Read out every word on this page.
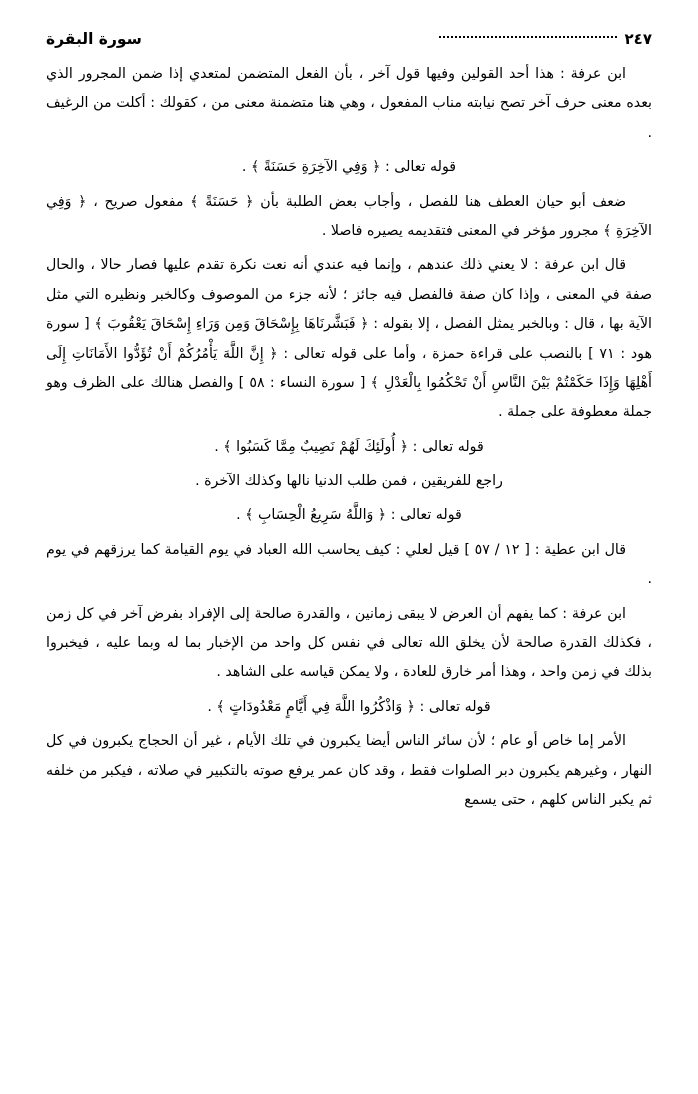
٢٤٧
سورة البقرة

ابن عرفة : هذا أحد القولين وفيها قول آخر ، بأن الفعل المتضمن لمتعدي إذا ضمن المجرور الذي بعده معنى حرف آخر تصح نيابته مناب المفعول ، وهي هنا متضمنة معنى من ، كقولك : أكلت من الرغيف .

قوله تعالى : ﴿ وَفِي الآخِرَةِ حَسَنَةً ﴾ .

ضعف أبو حيان العطف هنا للفصل ، وأجاب بعض الطلبة بأن ﴿ حَسَنَةً ﴾ مفعول صريح ، ﴿ وَفِي الآخِرَةِ ﴾ مجرور مؤخر في المعنى فتقديمه يصيره فاصلا .

قال ابن عرفة : لا يعني ذلك عندهم ، وإنما فيه عندي أنه نعت نكرة تقدم عليها فصار حالا ، والحال صفة في المعنى ، وإذا كان صفة فالفصل فيه جائز ؛ لأنه جزء من الموصوف وكالخبر ونظيره التي مثل الآية بها ، قال : وبالخبر يمثل الفصل ، إلا بقوله : ﴿ فَبَشَّرنَاهَا بِإِسْحَاقَ وَمِن وَرَاءِ إِسْحَاقَ يَعْقُوبَ ﴾ [ سورة هود : ٧١ ] بالنصب على قراءة حمزة ، وأما على قوله تعالى : ﴿ إِنَّ اللَّهَ يَأْمُرُكُمْ أَنْ تُؤَدُّوا الأَمَانَاتِ إِلَى أَهْلِهَا وَإِذَا حَكَمْتُمْ بَيْنَ النَّاسِ أَنْ تَحْكُمُوا بِالْعَدْلِ ﴾ [ سورة النساء : ٥٨ ] والفصل هنالك على الظرف وهو جملة معطوفة على جملة .

قوله تعالى : ﴿ أُولَئِكَ لَهُمْ نَصِيبٌ مِمَّا كَسَبُوا ﴾ .

راجع للفريقين ، فمن طلب الدنيا نالها وكذلك الآخرة .

قوله تعالى : ﴿ وَاللَّهُ سَرِيعُ الْحِسَابِ ﴾ .

قال ابن عطية : [ ١٢ / ٥٧ ] قيل لعلي : كيف يحاسب الله العباد في يوم القيامة كما يرزقهم في يوم .

ابن عرفة : كما يفهم أن العرض لا يبقى زمانين ، والقدرة صالحة إلى الإفراد بفرض آخر في كل زمن ، فكذلك القدرة صالحة لأن يخلق الله تعالى في نفس كل واحد من الإخبار بما له وبما عليه ، فيخبروا بذلك في زمن واحد ، وهذا أمر خارق للعادة ، ولا يمكن قياسه على الشاهد .

قوله تعالى : ﴿ وَاذْكُرُوا اللَّهَ فِي أَيَّامٍ مَعْدُودَاتٍ ﴾ .

الأمر إما خاص أو عام ؛ لأن سائر الناس أيضا يكبرون في تلك الأيام ، غير أن الحجاج يكبرون في كل النهار ، وغيرهم يكبرون دبر الصلوات فقط ، وقد كان عمر يرفع صوته بالتكبير في صلاته ، فيكبر من خلفه ثم يكبر الناس كلهم ، حتى يسمع
